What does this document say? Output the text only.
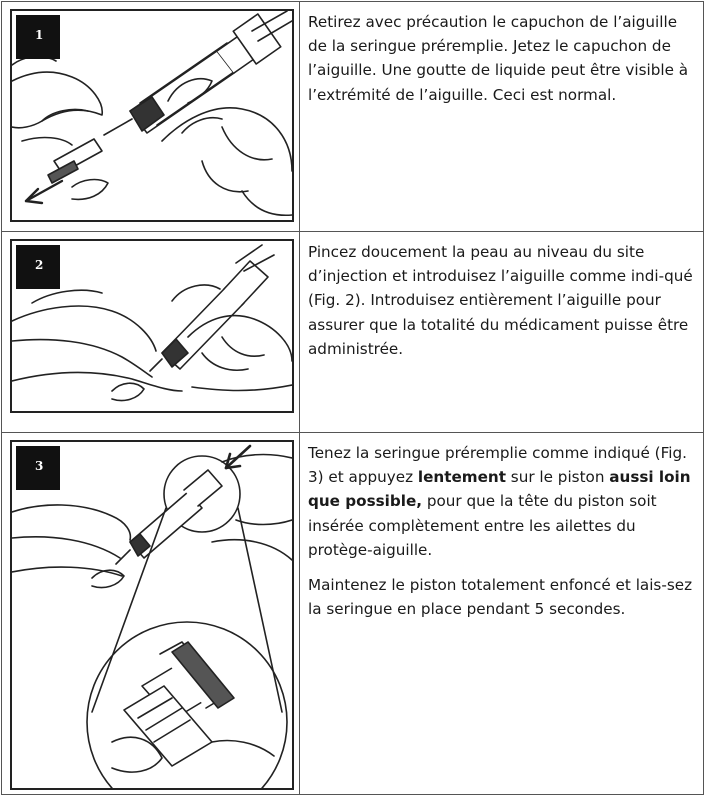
1	Retirez avec précaution le capuchon de l’aiguille de la seringue préremplie. Jetez le capuchon de l’aiguille. Une goutte de liquide peut être visible à l’extrémité de l’aiguille. Ceci est normal.

2	Pincez doucement la peau au niveau du site d’injection et introduisez l’aiguille comme indi-qué (Fig. 2). Introduisez entièrement l’aiguille pour assurer que la totalité du médicament puisse être administrée.

3	Tenez la seringue préremplie comme indiqué (Fig. 3) et appuyez lentement sur le piston aussi loin que possible, pour que la tête du piston soit insérée complètement entre les ailettes du protège-aiguille.

Maintenez le piston totalement enfoncé et lais-sez la seringue en place pendant 5 secondes.
